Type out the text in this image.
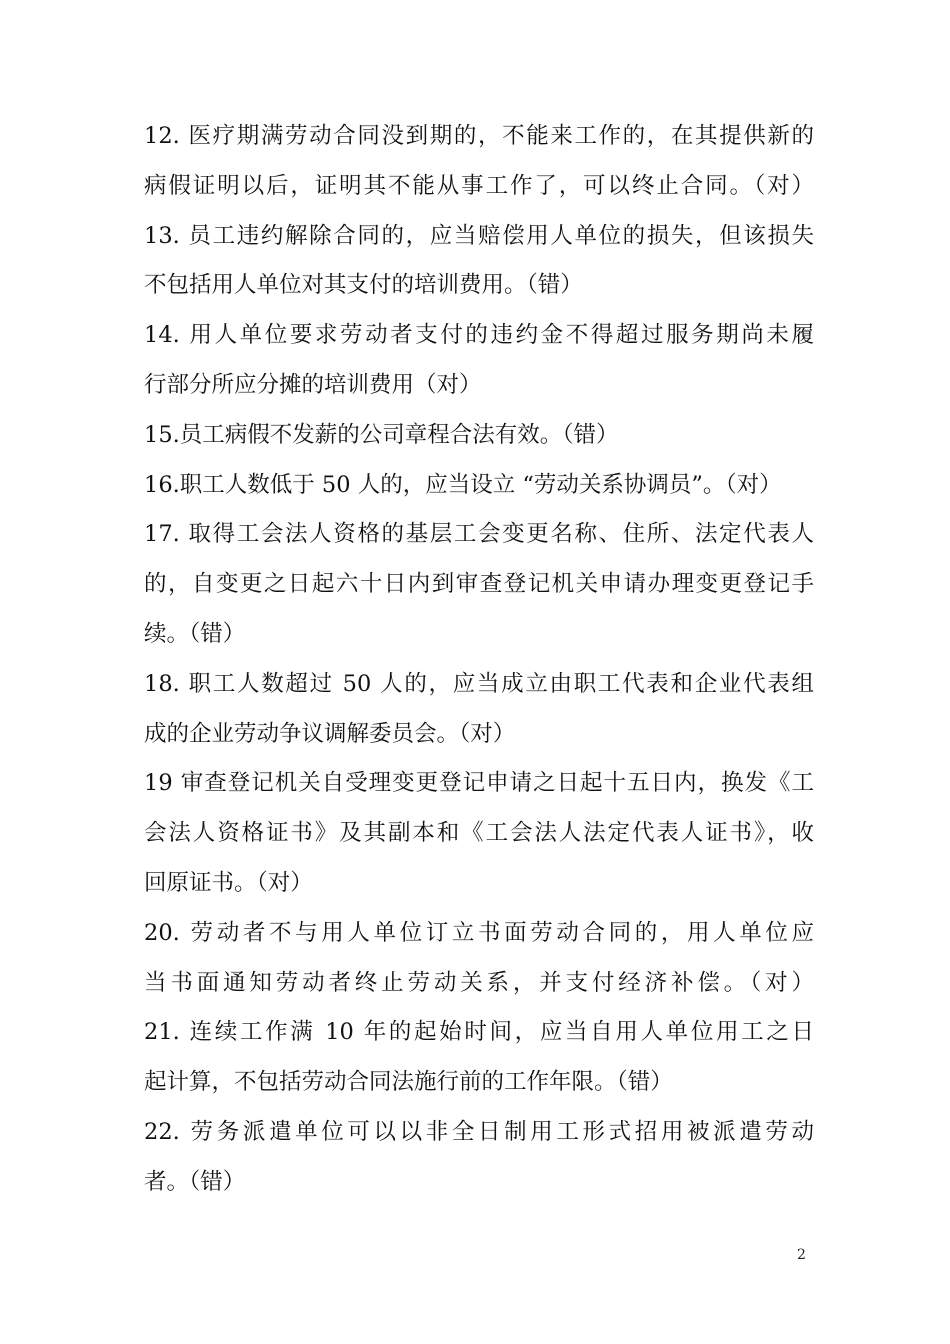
12. 医疗期满劳动合同没到期的，不能来工作的，在其提供新的
病假证明以后，证明其不能从事工作了，可以终止合同。（对）
13. 员工违约解除合同的，应当赔偿用人单位的损失，但该损失
不包括用人单位对其支付的培训费用。（错）
14. 用人单位要求劳动者支付的违约金不得超过服务期尚未履
行部分所应分摊的培训费用（对）
15.员工病假不发薪的公司章程合法有效。（错）
16.职工人数低于 50 人的，应当设立 “劳动关系协调员”。（对）
17. 取得工会法人资格的基层工会变更名称、住所、法定代表人
的，自变更之日起六十日内到审查登记机关申请办理变更登记手
续。（错）
18. 职工人数超过 50 人的，应当成立由职工代表和企业代表组
成的企业劳动争议调解委员会。（对）
19 审查登记机关自受理变更登记申请之日起十五日内，换发《工
会法人资格证书》及其副本和《工会法人法定代表人证书》，收
回原证书。（对）
20. 劳动者不与用人单位订立书面劳动合同的，用人单位应
当书面通知劳动者终止劳动关系，并支付经济补偿。（对）
21. 连续工作满 10 年的起始时间，应当自用人单位用工之日
起计算，不包括劳动合同法施行前的工作年限。（错）
22. 劳务派遣单位可以以非全日制用工形式招用被派遣劳动
者。（错）
2
